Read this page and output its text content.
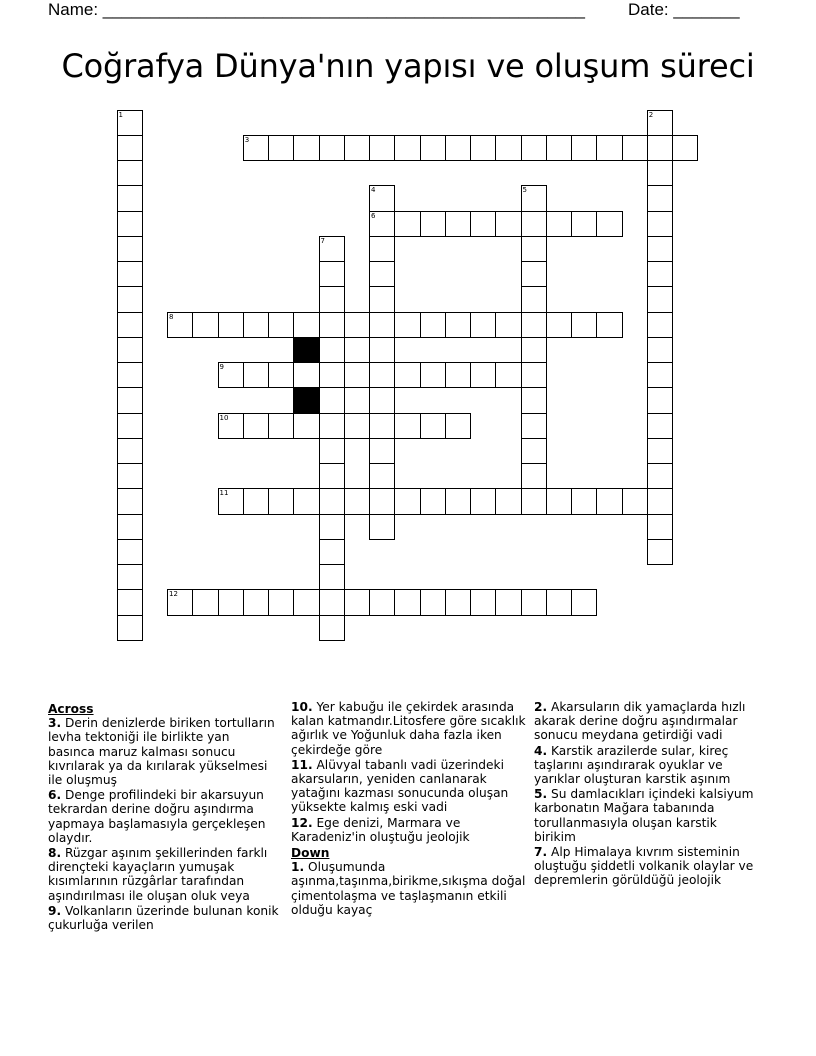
Name: ___________________________________________________	Date: _______
Coğrafya Dünya'nın yapısı ve oluşum süreci
1	2
3
4
6
5
7
8
9
10
11
12
Across
3. Derin denizlerde biriken tortulların levha tektoniği ile birlikte yan basınca maruz kalması sonucu kıvrılarak ya da kırılarak yükselmesi ile oluşmuş
6. Denge profilindeki bir akarsuyun tekrardan derine doğru aşındırma yapmaya başlamasıyla gerçekleşen olaydır.
8. Rüzgar aşınım şekillerinden farklı dirençteki kayaçların yumuşak kısımlarının rüzgârlar tarafından aşındırılması ile oluşan oluk veya
9. Volkanların üzerinde bulunan konik çukurluğa verilen
10. Yer kabuğu ile çekirdek arasında kalan katmandır.Litosfere göre sıcaklık ağırlık ve Yoğunluk daha fazla iken çekirdeğe göre
11. Alüvyal tabanlı vadi üzerindeki akarsuların, yeniden canlanarak yatağını kazması sonucunda oluşan yüksekte kalmış eski vadi
12. Ege denizi, Marmara ve Karadeniz'in oluştuğu jeolojik
Down
1. Oluşumunda aşınma,taşınma,birikme,sıkışma doğal çimentolaşma ve taşlaşmanın etkili olduğu kayaç
2. Akarsuların dik yamaçlarda hızlı akarak derine doğru aşındırmalar sonucu meydana getirdiği vadi
4. Karstik arazilerde sular, kireç taşlarını aşındırarak oyuklar ve yarıklar oluşturan karstik aşınım
5. Su damlacıkları içindeki kalsiyum karbonatın Mağara tabanında torullanmasıyla oluşan karstik birikim
7. Alp Himalaya kıvrım sisteminin oluştuğu şiddetli volkanik olaylar ve depremlerin görüldüğü jeolojik
